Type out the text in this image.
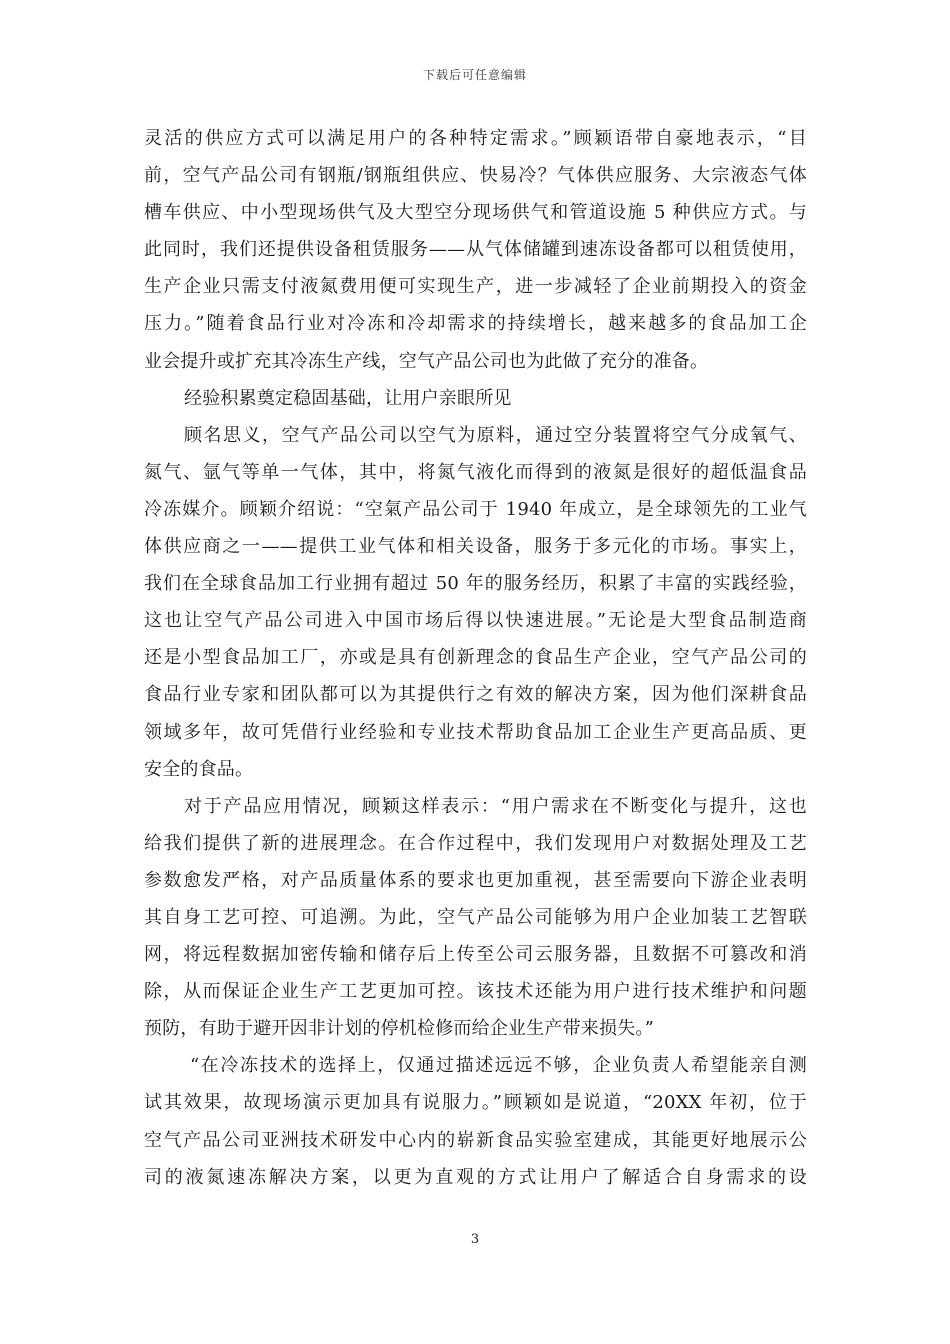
下载后可任意编辑
灵活的供应方式可以满足用户的各种特定需求。”顾颖语带自豪地表示，“目
前，空气产品公司有钢瓶/钢瓶组供应、快易冷？气体供应服务、大宗液态气体
槽车供应、中小型现场供气及大型空分现场供气和管道设施 5 种供应方式。与
此同时，我们还提供设备租赁服务——从气体储罐到速冻设备都可以租赁使用，
生产企业只需支付液氮费用便可实现生产，进一步减轻了企业前期投入的资金
压力。”随着食品行业对冷冻和冷却需求的持续增长，越来越多的食品加工企
业会提升或扩充其冷冻生产线，空气产品公司也为此做了充分的准备。
经验积累奠定稳固基础，让用户亲眼所见
顾名思义，空气产品公司以空气为原料，通过空分装置将空气分成氧气、
氮气、氩气等单一气体，其中，将氮气液化而得到的液氮是很好的超低温食品
冷冻媒介。顾颖介绍说：“空氣产品公司于 1940 年成立，是全球领先的工业气
体供应商之一——提供工业气体和相关设备，服务于多元化的市场。事实上，
我们在全球食品加工行业拥有超过 50 年的服务经历，积累了丰富的实践经验，
这也让空气产品公司进入中国市场后得以快速进展。”无论是大型食品制造商
还是小型食品加工厂，亦或是具有创新理念的食品生产企业，空气产品公司的
食品行业专家和团队都可以为其提供行之有效的解决方案，因为他们深耕食品
领域多年，故可凭借行业经验和专业技术帮助食品加工企业生产更高品质、更
安全的食品。
对于产品应用情况，顾颖这样表示：“用户需求在不断变化与提升，这也
给我们提供了新的进展理念。在合作过程中，我们发现用户对数据处理及工艺
参数愈发严格，对产品质量体系的要求也更加重视，甚至需要向下游企业表明
其自身工艺可控、可追溯。为此，空气产品公司能够为用户企业加装工艺智联
网，将远程数据加密传输和储存后上传至公司云服务器，且数据不可篡改和消
除，从而保证企业生产工艺更加可控。该技术还能为用户进行技术维护和问题
预防，有助于避开因非计划的停机检修而给企业生产带来损失。”
“在冷冻技术的选择上，仅通过描述远远不够，企业负责人希望能亲自测
试其效果，故现场演示更加具有说服力。”顾颖如是说道，“20XX 年初，位于
空气产品公司亚洲技术研发中心内的崭新食品实验室建成，其能更好地展示公
司的液氮速冻解决方案，以更为直观的方式让用户了解适合自身需求的设
3
